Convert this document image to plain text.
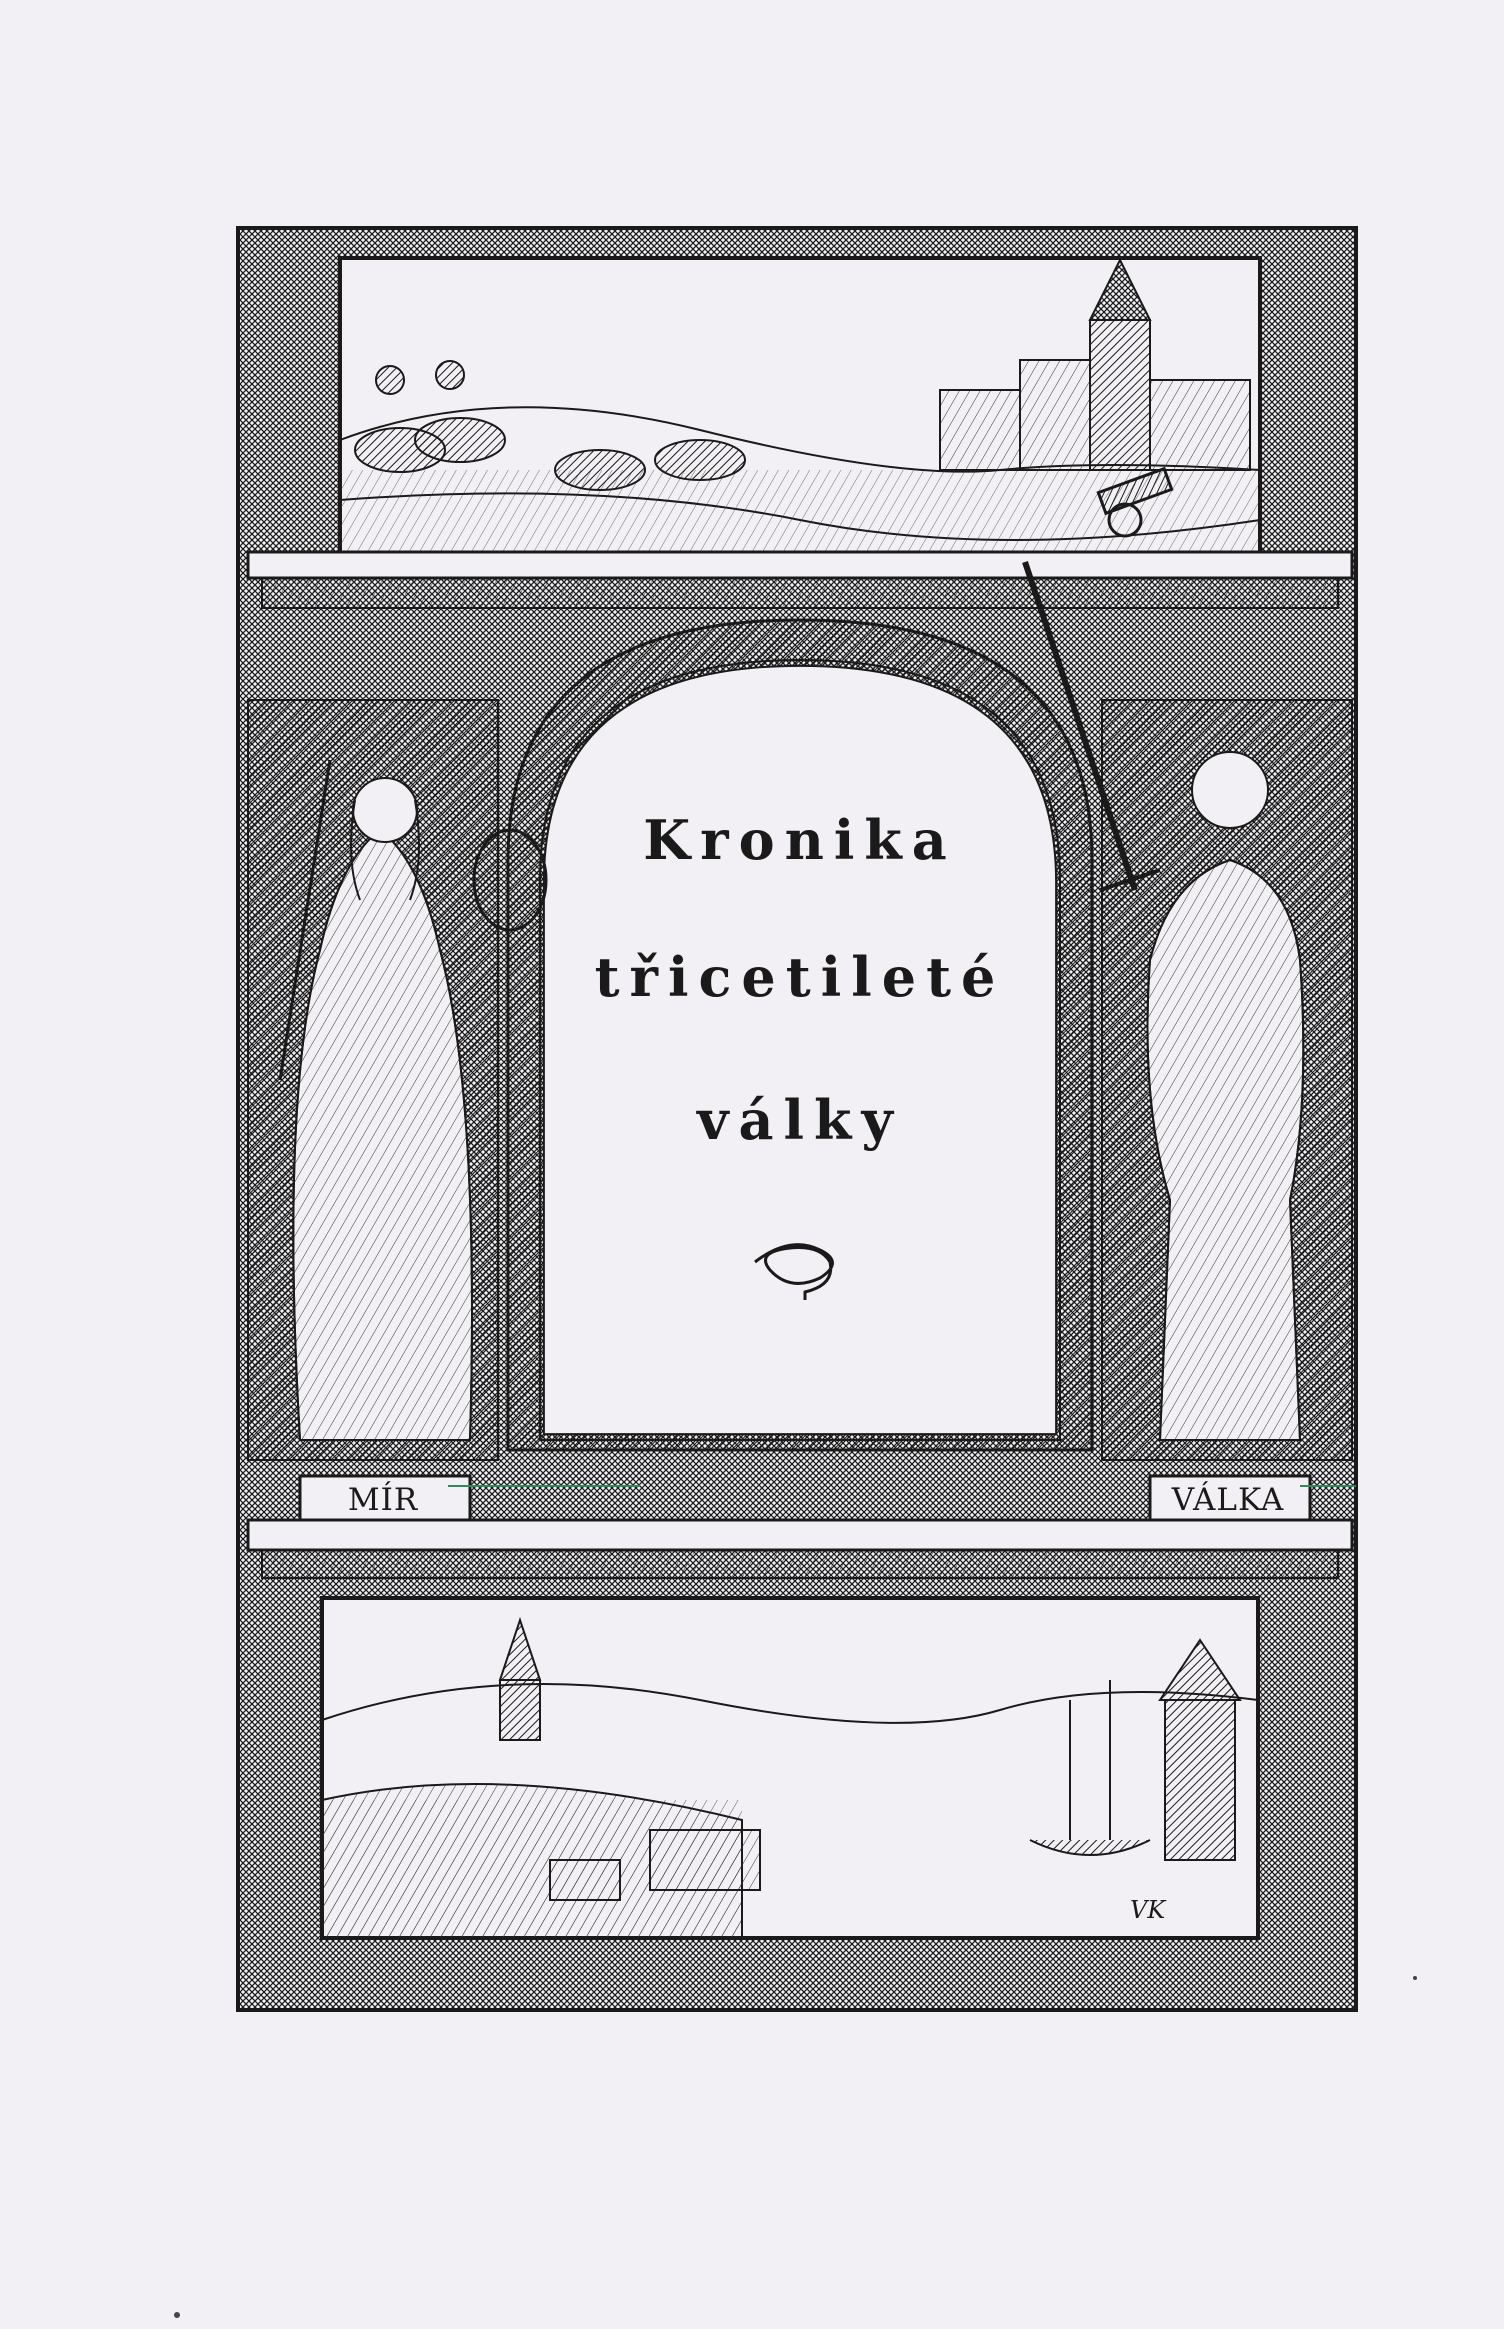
VK
Kronika
třicetileté
války
MÍR	VÁLKA
